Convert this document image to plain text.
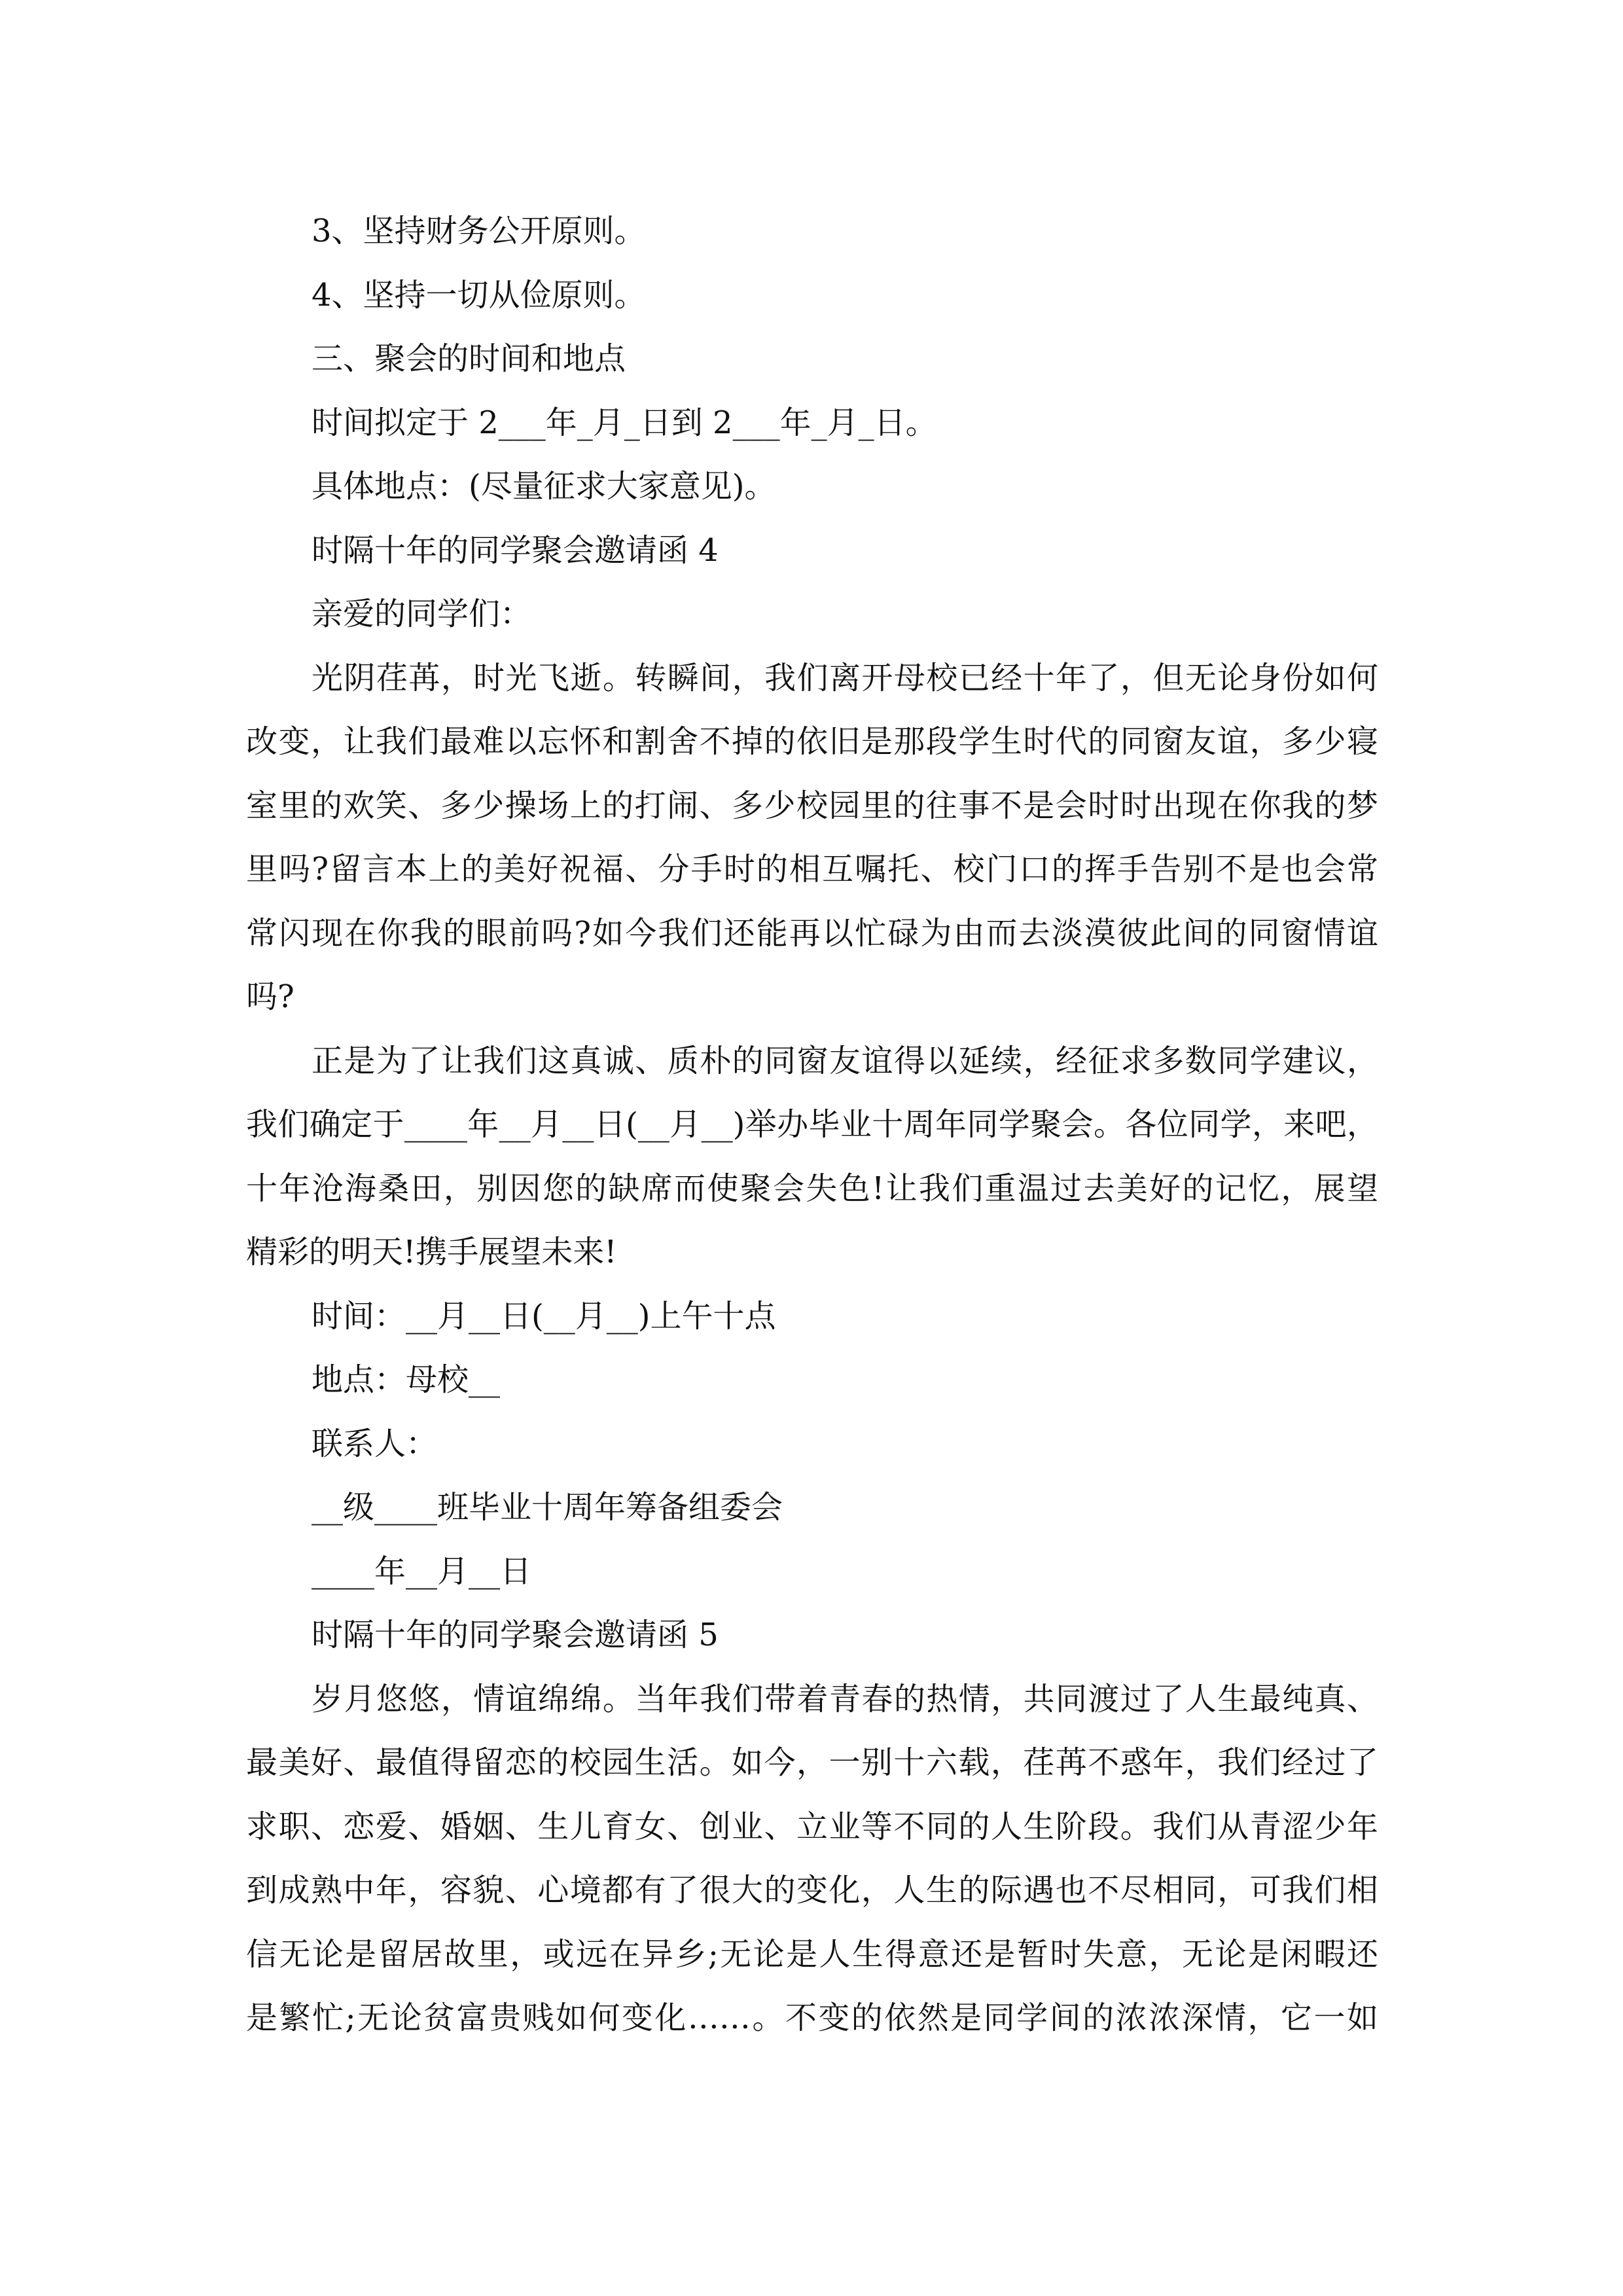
3、坚持财务公开原则。
4、坚持一切从俭原则。
三、聚会的时间和地点
时间拟定于 2___年_月_日到 2___年_月_日。
具体地点：(尽量征求大家意见)。
时隔十年的同学聚会邀请函 4
亲爱的同学们：
光阴荏苒，时光飞逝。转瞬间，我们离开母校已经十年了，但无论身份如何
改变，让我们最难以忘怀和割舍不掉的依旧是那段学生时代的同窗友谊，多少寝
室里的欢笑、多少操场上的打闹、多少校园里的往事不是会时时出现在你我的梦
里吗?留言本上的美好祝福、分手时的相互嘱托、校门口的挥手告别不是也会常
常闪现在你我的眼前吗?如今我们还能再以忙碌为由而去淡漠彼此间的同窗情谊
吗?
正是为了让我们这真诚、质朴的同窗友谊得以延续，经征求多数同学建议，
我们确定于____年__月__日(__月__)举办毕业十周年同学聚会。各位同学，来吧，
十年沧海桑田，别因您的缺席而使聚会失色!让我们重温过去美好的记忆，展望
精彩的明天!携手展望未来!
时间：__月__日(__月__)上午十点
地点：母校__
联系人：
__级____班毕业十周年筹备组委会
____年__月__日
时隔十年的同学聚会邀请函 5
岁月悠悠，情谊绵绵。当年我们带着青春的热情，共同渡过了人生最纯真、
最美好、最值得留恋的校园生活。如今，一别十六载，荏苒不惑年，我们经过了
求职、恋爱、婚姻、生儿育女、创业、立业等不同的人生阶段。我们从青涩少年
到成熟中年，容貌、心境都有了很大的变化，人生的际遇也不尽相同，可我们相
信无论是留居故里，或远在异乡;无论是人生得意还是暂时失意，无论是闲暇还
是繁忙;无论贫富贵贱如何变化……。不变的依然是同学间的浓浓深情，它一如
